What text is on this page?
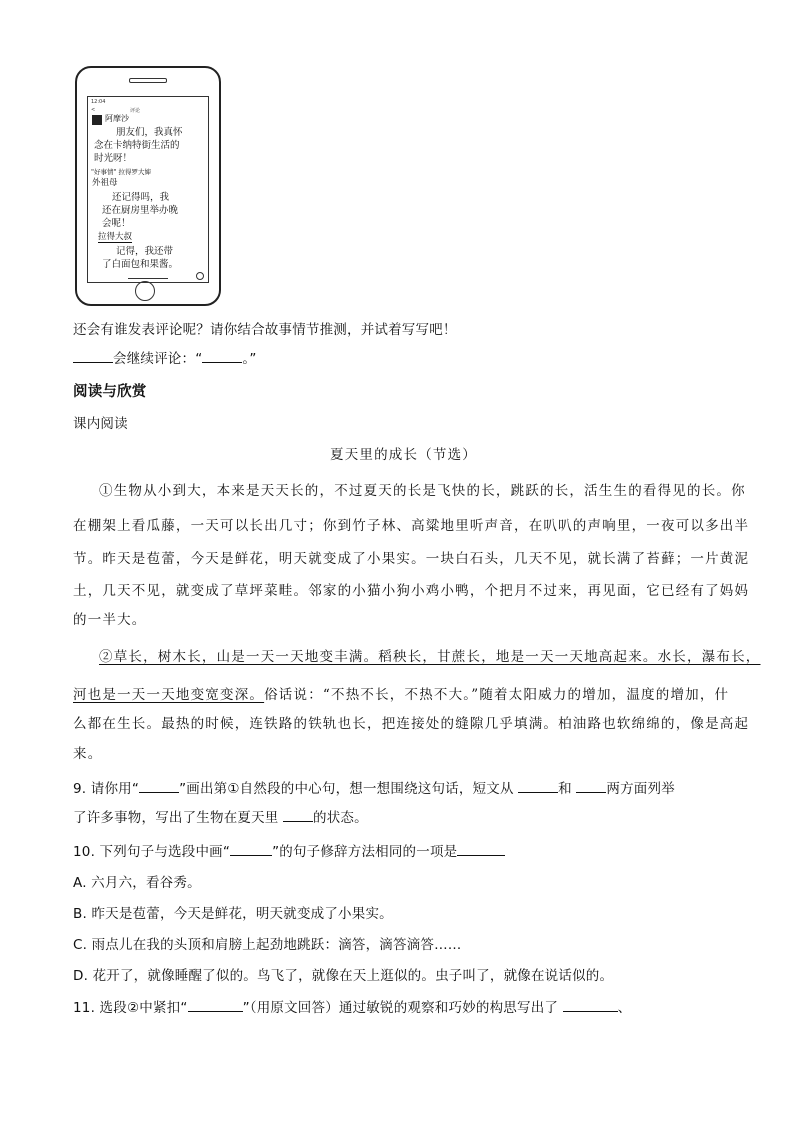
12:04
<	评论
阿摩沙
朋友们，我真怀
念在卡纳特街生活的
时光呀！
"好事情" 拉得罗大婶
外祖母
还记得吗，我
还在厨房里举办晚
会呢！
拉得大叔
记得，我还带
了白面包和果酱。
还会有谁发表评论呢？请你结合故事情节推测，并试着写写吧！
会继续评论：“	。”
阅读与欣赏
课内阅读
夏天里的成长（节选）
①生物从小到大，本来是天天长的，不过夏天的长是飞快的长，跳跃的长，活生生的看得见的长。你
在棚架上看瓜藤，一天可以长出几寸；你到竹子林、高粱地里听声音，在叭叭的声响里，一夜可以多出半
节。昨天是苞蕾，今天是鲜花，明天就变成了小果实。一块白石头，几天不见，就长满了苔藓；一片黄泥
土，几天不见，就变成了草坪菜畦。邻家的小猫小狗小鸡小鸭，个把月不过来，再见面，它已经有了妈妈
的一半大。
②草长，树木长，山是一天一天地变丰满。稻秧长，甘蔗长，地是一天一天地高起来。水长，瀑布长，
河也是一天一天地变宽变深。俗话说：“不热不长，不热不大。”随着太阳威力的增加，温度的增加，什
么都在生长。最热的时候，连铁路的铁轨也长，把连接处的缝隙几乎填满。柏油路也软绵绵的，像是高起
来。
9. 请你用“	”画出第①自然段的中心句，想一想围绕这句话，短文从	和 两方面列举
了许多事物，写出了生物在夏天里 的状态。
10. 下列句子与选段中画“	”的句子修辞方法相同的一项是
A. 六月六，看谷秀。
B. 昨天是苞蕾，今天是鲜花，明天就变成了小果实。
C. 雨点儿在我的头顶和肩膀上起劲地跳跃：滴答，滴答滴答……
D. 花开了，就像睡醒了似的。鸟飞了，就像在天上逛似的。虫子叫了，就像在说话似的。
11. 选段②中紧扣“	”（用原文回答）通过敏锐的观察和巧妙的构思写出了	、
